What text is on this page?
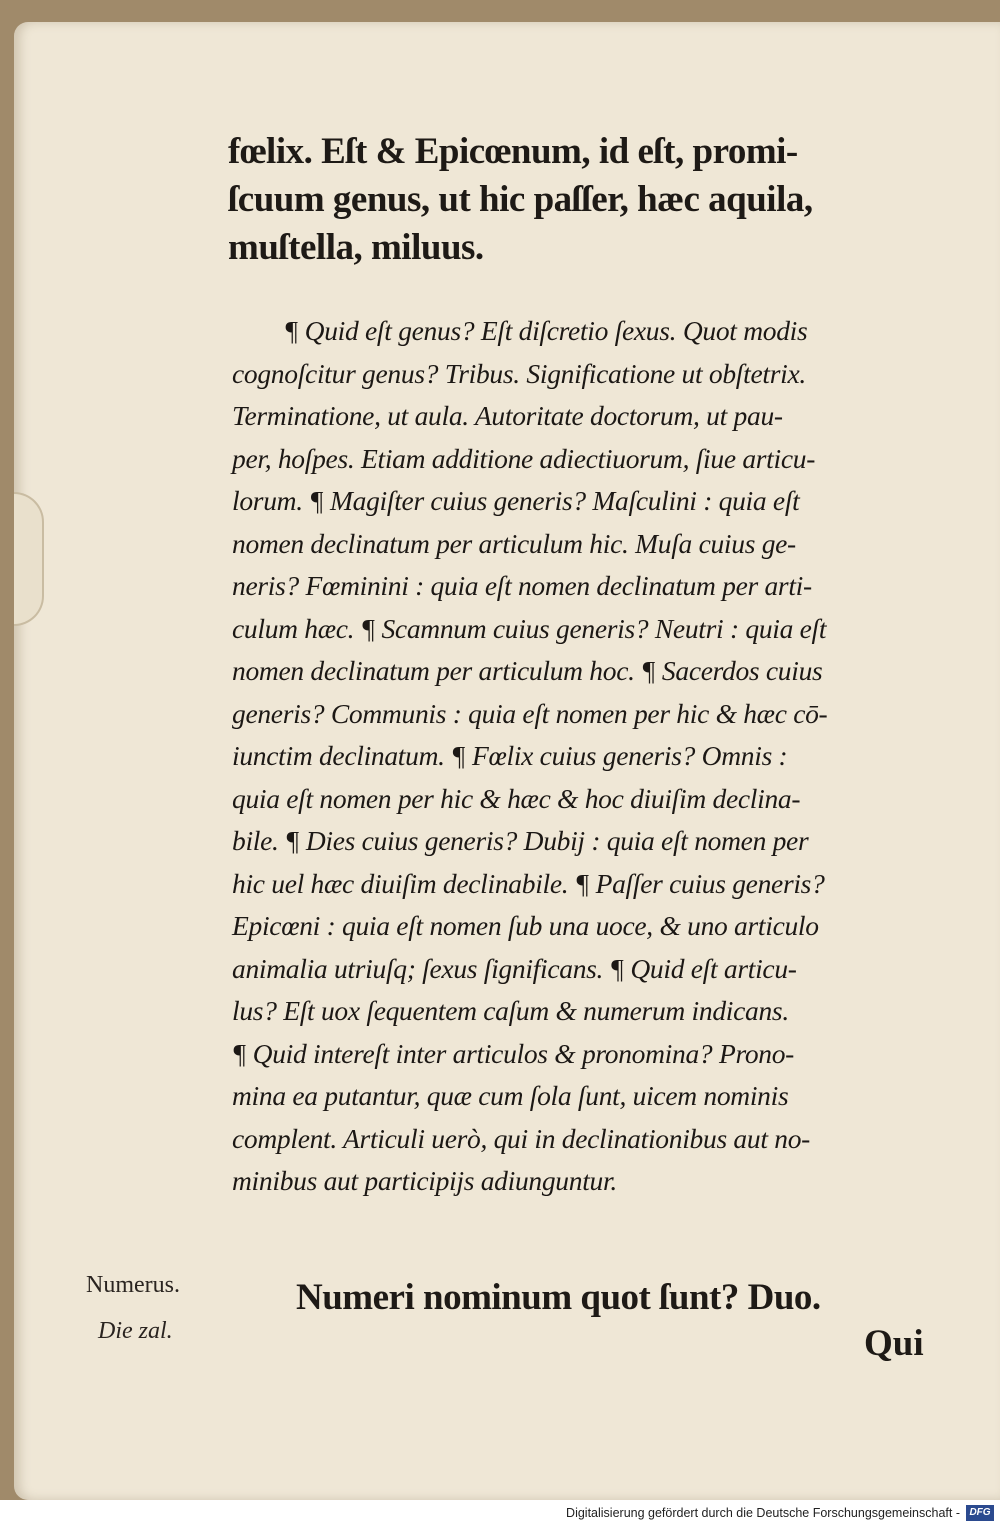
fœlix. Eſt & Epicœnum, id eſt, promi-
ſcuum genus, ut hic paſſer, hæc aquila,
muſtella, miluus.
¶ Quid eſt genus? Eſt diſcretio ſexus. Quot modis
cognoſcitur genus? Tribus. Significatione ut obſtetrix.
Terminatione, ut aula. Autoritate doctorum, ut pau-
per, hoſpes. Etiam additione adiectiuorum, ſiue articu-
lorum. ¶ Magiſter cuius generis? Maſculini : quia eſt
nomen declinatum per articulum hic. Muſa cuius ge-
neris? Fœminini : quia eſt nomen declinatum per arti-
culum hæc. ¶ Scamnum cuius generis? Neutri : quia eſt
nomen declinatum per articulum hoc. ¶ Sacerdos cuius
generis? Communis : quia eſt nomen per hic & hæc cō-
iunctim declinatum. ¶ Fœlix cuius generis? Omnis :
quia eſt nomen per hic & hæc & hoc diuiſim declina-
bile. ¶ Dies cuius generis? Dubij : quia eſt nomen per
hic uel hæc diuiſim declinabile. ¶ Paſſer cuius generis?
Epicœni : quia eſt nomen ſub una uoce, & uno articulo
animalia utriuſq; ſexus ſignificans. ¶ Quid eſt articu-
lus? Eſt uox ſequentem caſum & numerum indicans.
¶ Quid intereſt inter articulos & pronomina? Prono-
mina ea putantur, quæ cum ſola ſunt, uicem nominis
complent. Articuli uerò, qui in declinationibus aut no-
minibus aut participijs adiunguntur.
Numerus.
Die zal.
Numeri nominum quot ſunt? Duo.
Qui
Digitalisierung gefördert durch die Deutsche Forschungsgemeinschaft - DFG
